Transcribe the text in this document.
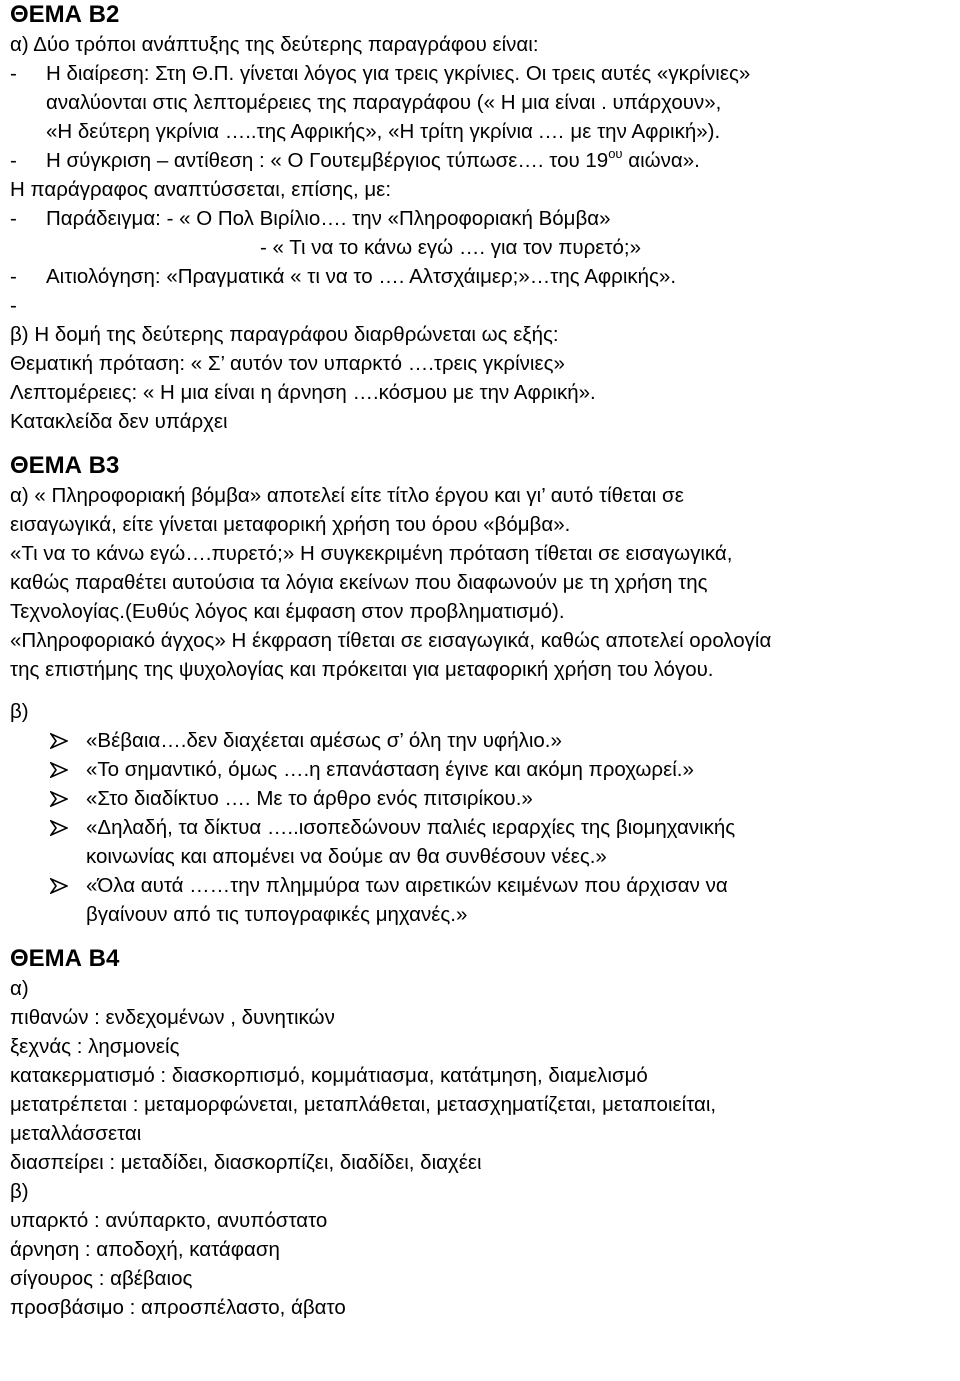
ΘΕΜΑ Β2
α) Δύο τρόποι ανάπτυξης της δεύτερης παραγράφου είναι:
- Η διαίρεση: Στη Θ.Π. γίνεται λόγος για τρεις γκρίνιες. Οι τρεις αυτές «γκρίνιες»
αναλύονται στις λεπτομέρειες της παραγράφου (« Η μια είναι . υπάρχουν»,
«Η δεύτερη γκρίνια …..της Αφρικής», «Η τρίτη γκρίνια .… με την Αφρική»).
- Η σύγκριση – αντίθεση : « Ο Γουτεμβέργιος τύπωσε…. του $19^{o\upsilon}$ αιώνα».
Η παράγραφος αναπτύσσεται, επίσης, με:
- Παράδειγμα: - « Ο Πολ Βιρίλιο…. την «Πληροφοριακή Βόμβα»
- « Τι να το κάνω εγώ …. για τον πυρετό;»
- Αιτιολόγηση: «Πραγματικά « τι να το …. Αλτσχάιμερ;»…της Αφρικής».
-
β) Η δομή της δεύτερης παραγράφου διαρθρώνεται ως εξής:
Θεματική πρόταση: « Σ’ αυτόν τον υπαρκτό ….τρεις γκρίνιες»
Λεπτομέρειες: « Η μια είναι η άρνηση ….κόσμου με την Αφρική».
Κατακλείδα δεν υπάρχει
ΘΕΜΑ Β3
α) « Πληροφοριακή βόμβα» αποτελεί είτε τίτλο έργου και γι’ αυτό τίθεται σε
εισαγωγικά, είτε γίνεται μεταφορική χρήση του όρου «βόμβα».
«Τι να το κάνω εγώ….πυρετό;» Η συγκεκριμένη πρόταση τίθεται σε εισαγωγικά,
καθώς παραθέτει αυτούσια τα λόγια εκείνων που διαφωνούν με τη χρήση της
Τεχνολογίας.(Ευθύς λόγος και έμφαση στον προβληματισμό).
«Πληροφοριακό άγχος» Η έκφραση τίθεται σε εισαγωγικά, καθώς αποτελεί ορολογία
της επιστήμης της ψυχολογίας και πρόκειται για μεταφορική χρήση του λόγου.
β)
«Βέβαια….δεν διαχέεται αμέσως σ’ όλη την υφήλιο.»
«Το σημαντικό, όμως ….η επανάσταση έγινε και ακόμη προχωρεί.»
«Στο διαδίκτυο …. Με το άρθρο ενός πιτσιρίκου.»
«Δηλαδή, τα δίκτυα …..ισοπεδώνουν παλιές ιεραρχίες της βιομηχανικής
κοινωνίας και απομένει να δούμε αν θα συνθέσουν νέες.»
«Όλα αυτά ……την πλημμύρα των αιρετικών κειμένων που άρχισαν να
βγαίνουν από τις τυπογραφικές μηχανές.»
ΘΕΜΑ Β4
α)
πιθανών : ενδεχομένων , δυνητικών
ξεχνάς : λησμονείς
κατακερματισμό : διασκορπισμό, κομμάτιασμα, κατάτμηση, διαμελισμό
μετατρέπεται : μεταμορφώνεται, μεταπλάθεται, μετασχηματίζεται, μεταποιείται,
μεταλλάσσεται
διασπείρει : μεταδίδει, διασκορπίζει, διαδίδει, διαχέει
β)
υπαρκτό : ανύπαρκτο, ανυπόστατο
άρνηση : αποδοχή, κατάφαση
σίγουρος : αβέβαιος
προσβάσιμο : απροσπέλαστο, άβατο
